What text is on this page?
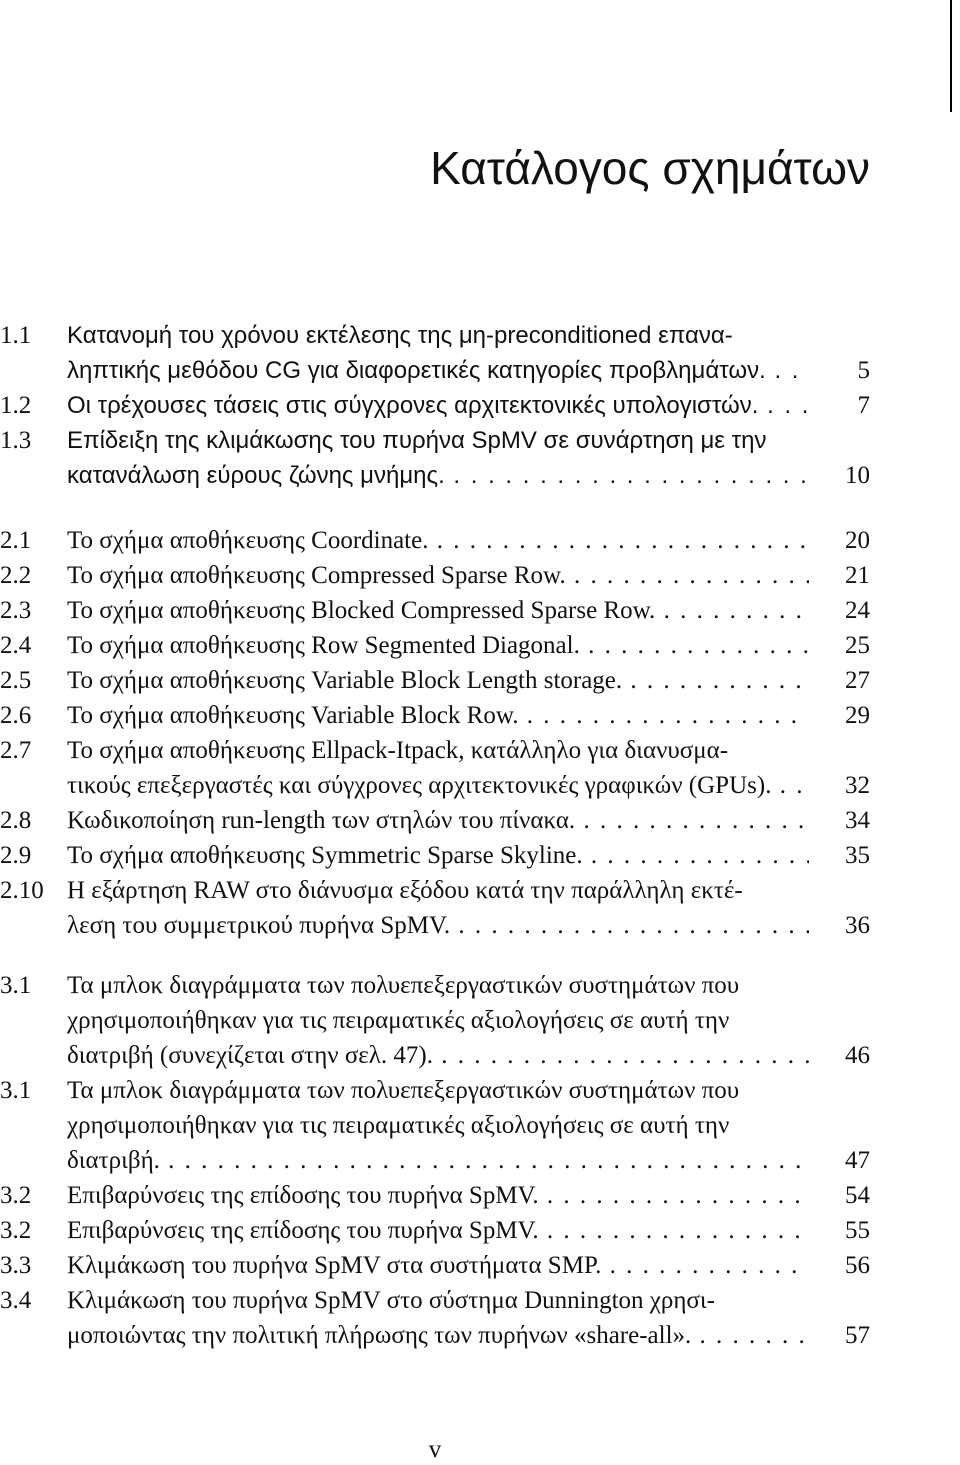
Κατάλογος σχημάτων
1.1	Κατανομή του χρόνου εκτέλεσης της μη-preconditioned επανα-
ληπτικής μεθόδου CG για διαφορετικές κατηγορίες προβλημάτων. . . .	5
1.2	Οι τρέχουσες τάσεις στις σύγχρονες αρχιτεκτονικές υπολογιστών. . . .	7
1.3	Επίδειξη της κλιμάκωσης του πυρήνα SpMV σε συνάρτηση με την
κατανάλωση εύρους ζώνης μνήμης. . . .	10
2.1	Το σχήμα αποθήκευσης Coordinate. . . .	20
2.2	Το σχήμα αποθήκευσης Compressed Sparse Row. . . .	21
2.3	Το σχήμα αποθήκευσης Blocked Compressed Sparse Row. . . .	24
2.4	Το σχήμα αποθήκευσης Row Segmented Diagonal. . . .	25
2.5	Το σχήμα αποθήκευσης Variable Block Length storage. . . .	27
2.6	Το σχήμα αποθήκευσης Variable Block Row. . . .	29
2.7	Το σχήμα αποθήκευσης Ellpack-Itpack, κατάλληλο για διανυσμα-
τικούς επεξεργαστές και σύγχρονες αρχιτεκτονικές γραφικών (GPUs). . . .	32
2.8	Κωδικοποίηση run-length των στηλών του πίνακα. . . .	34
2.9	Το σχήμα αποθήκευσης Symmetric Sparse Skyline. . . .	35
2.10 Η εξάρτηση RAW στο διάνυσμα εξόδου κατά την παράλληλη εκτέ-
λεση του συμμετρικού πυρήνα SpMV. . . .	36
3.1	Τα μπλοκ διαγράμματα των πολυεπεξεργαστικών συστημάτων που
χρησιμοποιήθηκαν για τις πειραματικές αξιολογήσεις σε αυτή την
διατριβή (συνεχίζεται στην σελ. 47). . . .	46
3.1	Τα μπλοκ διαγράμματα των πολυεπεξεργαστικών συστημάτων που
χρησιμοποιήθηκαν για τις πειραματικές αξιολογήσεις σε αυτή την
διατριβή. . . .	47
3.2	Επιβαρύνσεις της επίδοσης του πυρήνα SpMV. . . .	54
3.2	Επιβαρύνσεις της επίδοσης του πυρήνα SpMV. . . .	55
3.3	Κλιμάκωση του πυρήνα SpMV στα συστήματα SMP. . . .	56
3.4	Κλιμάκωση του πυρήνα SpMV στο σύστημα Dunnington χρησι-
μοποιώντας την πολιτική πλήρωσης των πυρήνων «share-all». . . .	57
v
